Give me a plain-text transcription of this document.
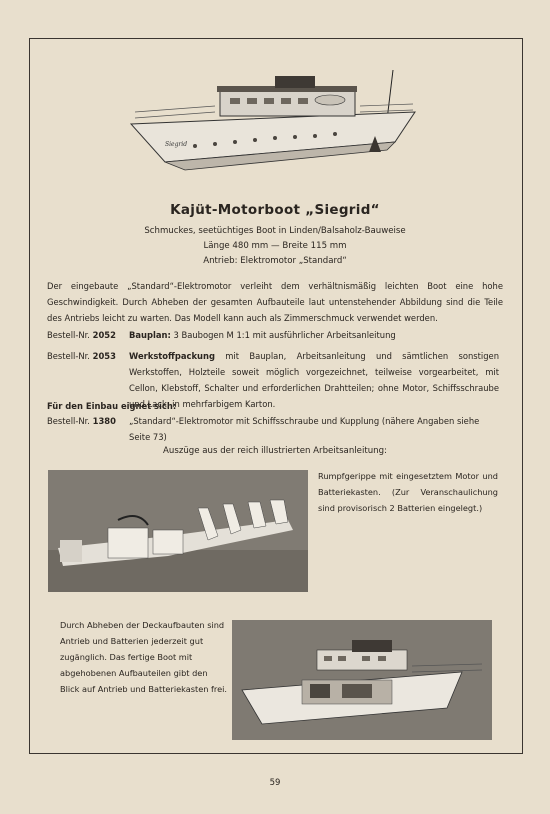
Siegrid
Kajüt-Motorboot „Siegrid“
Schmuckes, seetüchtiges Boot in Linden/Balsaholz-Bauweise
Länge 480 mm — Breite 115 mm
Antrieb: Elektromotor „Standard“
Der eingebaute „Standard“-Elektromotor verleiht dem verhältnismäßig leichten Boot eine hohe Geschwindigkeit. Durch Abheben der gesamten Aufbauteile laut untenstehender Abbildung sind die Teile des Antriebs leicht zu warten. Das Modell kann auch als Zimmerschmuck verwendet werden.
Bestell-Nr. 2052 Bauplan: 3 Baubogen M 1:1 mit ausführlicher Arbeitsanleitung
Bestell-Nr. 2053 Werkstoffpackung mit Bauplan, Arbeitsanleitung und sämtlichen sonstigen Werkstoffen, Holzteile soweit möglich vorgezeichnet, teilweise vorgearbeitet, mit Cellon, Klebstoff, Schalter und erforderlichen Drahtteilen; ohne Motor, Schiffsschraube und Lack, in mehrfarbigem Karton.
Für den Einbau eignet sich:
Bestell-Nr. 1380 „Standard“-Elektromotor mit Schiffsschraube und Kupplung (nähere Angaben siehe Seite 73)
Auszüge aus der reich illustrierten Arbeitsanleitung:
Rumpfgerippe mit eingesetztem Motor und Batteriekasten. (Zur Veranschaulichung sind provisorisch 2 Batterien eingelegt.)
Durch Abheben der Deckaufbauten sind Antrieb und Batterien jederzeit gut zugänglich. Das fertige Boot mit abgehobenen Aufbauteilen gibt den Blick auf Antrieb und Batteriekasten frei.
59
